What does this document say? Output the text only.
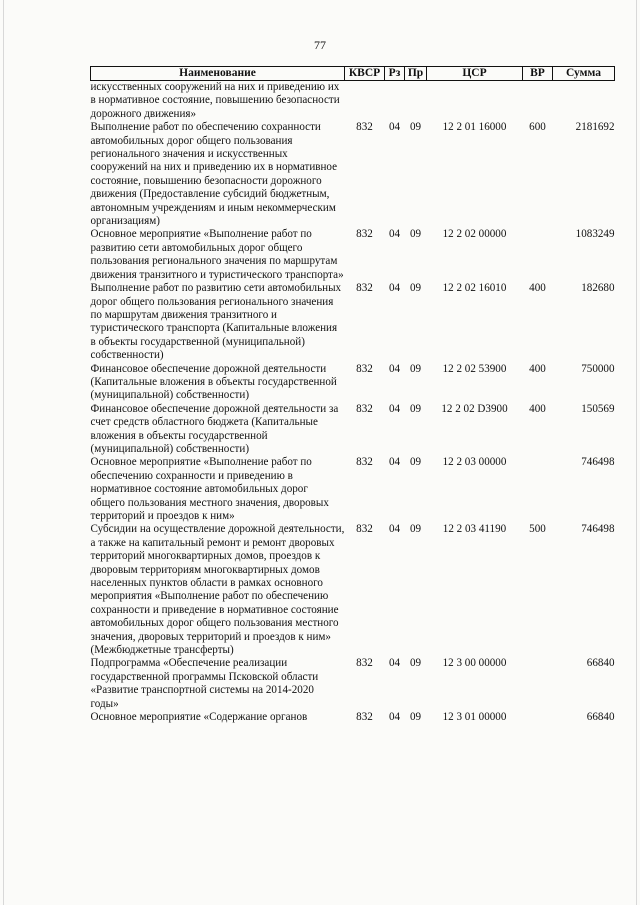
77
Наименование	КВСР	Рз	Пр	ЦСР	ВР	Сумма
искусственных сооружений на них и приведению их в нормативное состояние, повышению безопасности дорожного движения»						
Выполнение работ по обеспечению сохранности автомобильных дорог общего пользования регионального значения и искусственных сооружений на них и приведению их в нормативное состояние, повышению безопасности дорожного движения (Предоставление субсидий бюджетным, автономным учреждениям и иным некоммерческим организациям)	832	04	09	12 2 01 16000	600	2181692
Основное мероприятие «Выполнение работ по развитию сети автомобильных дорог общего пользования регионального значения по маршрутам движения транзитного и туристического транспорта»	832	04	09	12 2 02 00000		1083249
Выполнение работ по развитию сети автомобильных дорог общего пользования регионального значения по маршрутам движения транзитного и туристического транспорта (Капитальные вложения в объекты государственной (муниципальной) собственности)	832	04	09	12 2 02 16010	400	182680
Финансовое обеспечение дорожной деятельности (Капитальные вложения в объекты государственной (муниципальной) собственности)	832	04	09	12 2 02 53900	400	750000
Финансовое обеспечение дорожной деятельности за счет средств областного бюджета (Капитальные вложения в объекты государственной (муниципальной) собственности)	832	04	09	12 2 02 D3900	400	150569
Основное мероприятие «Выполнение работ по обеспечению сохранности и приведению в нормативное состояние автомобильных дорог общего пользования местного значения, дворовых территорий и проездов к ним»	832	04	09	12 2 03 00000		746498
Субсидии на осуществление дорожной деятельности, а также на капитальный ремонт и ремонт дворовых территорий многоквартирных домов, проездов к дворовым территориям многоквартирных домов населенных пунктов области в рамках основного мероприятия «Выполнение работ по обеспечению сохранности и приведение в нормативное состояние автомобильных дорог общего пользования местного значения, дворовых территорий и проездов к ним» (Межбюджетные трансферты)	832	04	09	12 2 03 41190	500	746498
Подпрограмма «Обеспечение реализации государственной программы Псковской области «Развитие транспортной системы на 2014-2020 годы»	832	04	09	12 3 00 00000		66840
Основное мероприятие «Содержание органов	832	04	09	12 3 01 00000		66840
